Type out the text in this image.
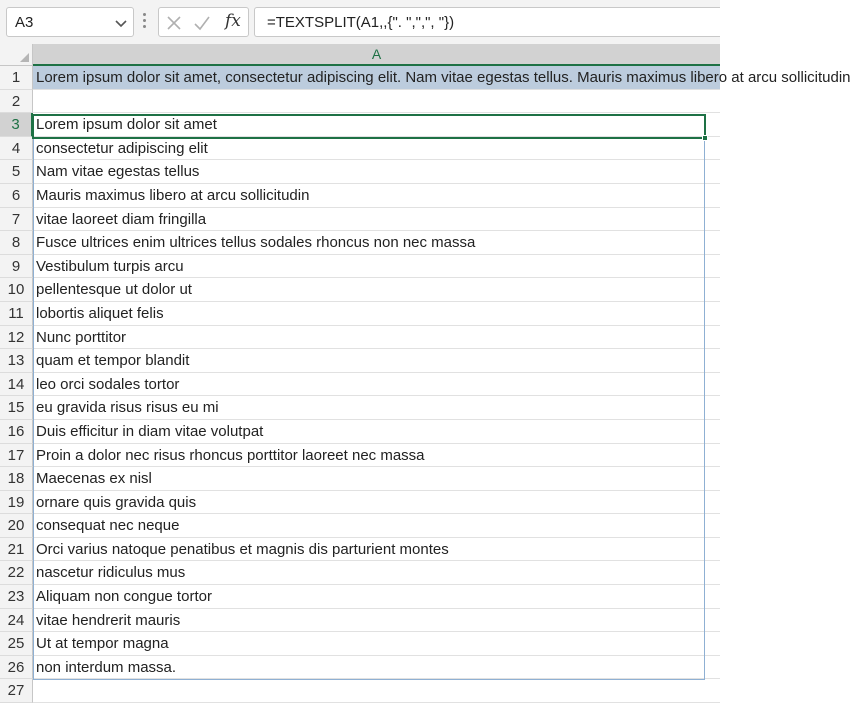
A3	fx =TEXTSPLIT(A1,,{". ",",", "})
A
1	Lorem ipsum dolor sit amet, consectetur adipiscing elit. Nam vitae egestas tellus. Mauris maximus libero at arcu sollicitudin
2
3	Lorem ipsum dolor sit amet
4	consectetur adipiscing elit
5	Nam vitae egestas tellus
6	Mauris maximus libero at arcu sollicitudin
7	vitae laoreet diam fringilla
8	Fusce ultrices enim ultrices tellus sodales rhoncus non nec massa
9	Vestibulum turpis arcu
10 pellentesque ut dolor ut
11 lobortis aliquet felis
12 Nunc porttitor
13 quam et tempor blandit
14 leo orci sodales tortor
15 eu gravida risus risus eu mi
16 Duis efficitur in diam vitae volutpat
17 Proin a dolor nec risus rhoncus porttitor laoreet nec massa
18 Maecenas ex nisl
19 ornare quis gravida quis
20 consequat nec neque
21 Orci varius natoque penatibus et magnis dis parturient montes
22 nascetur ridiculus mus
23 Aliquam non congue tortor
24 vitae hendrerit mauris
25 Ut at tempor magna
26 non interdum massa.
27
